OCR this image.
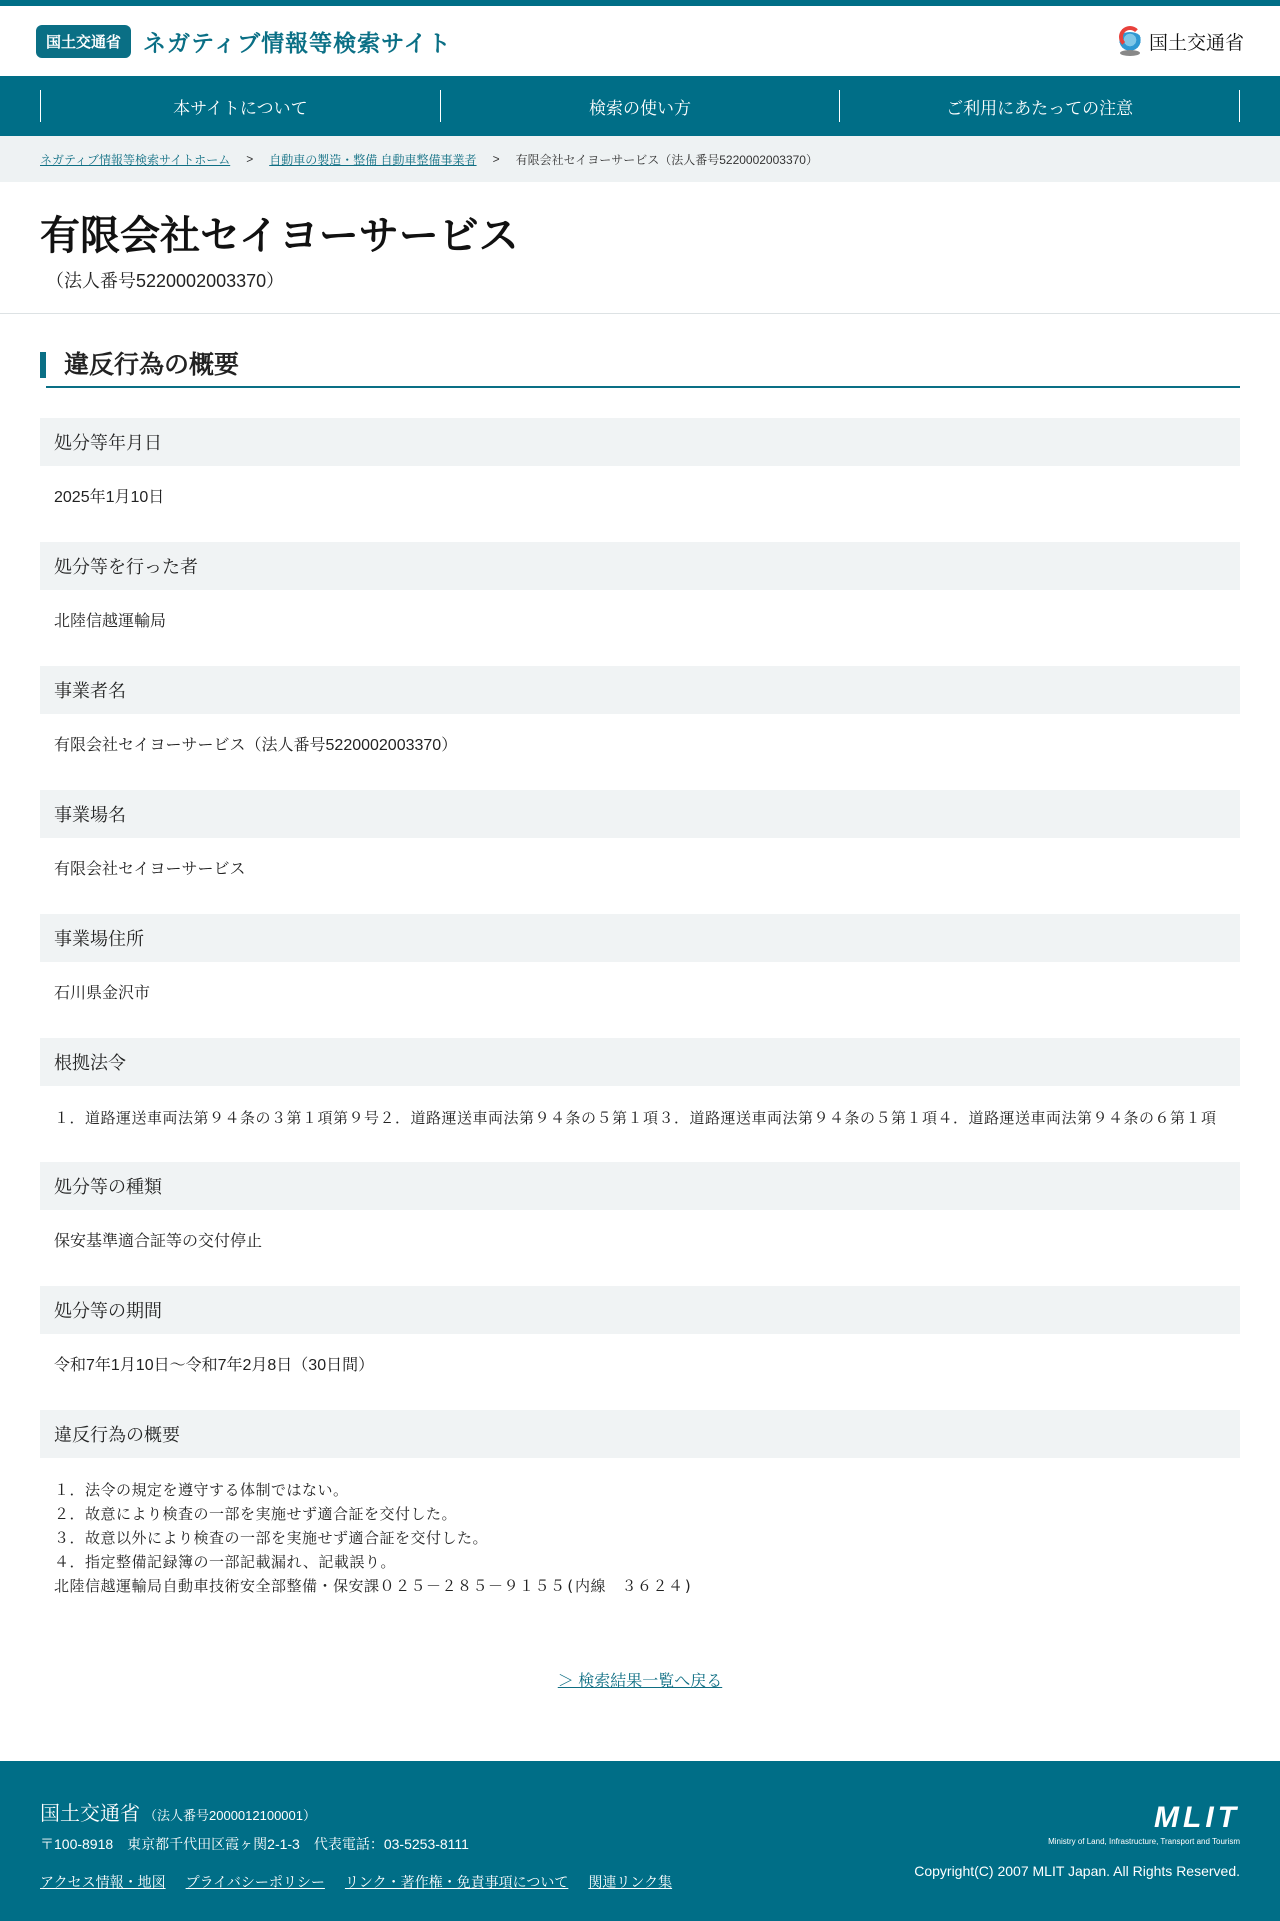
国土交通省 ネガティブ情報等検索サイト	国土交通省
本サイトについて	検索の使い方	ご利用にあたっての注意
ネガティブ情報等検索サイトホーム > 自動車の製造・整備 自動車整備事業者 > 有限会社セイヨーサービス（法人番号5220002003370）
有限会社セイヨーサービス
（法人番号5220002003370）
違反行為の概要
処分等年月日
2025年1月10日
処分等を行った者
北陸信越運輸局
事業者名
有限会社セイヨーサービス（法人番号5220002003370）
事業場名
有限会社セイヨーサービス
事業場住所
石川県金沢市
根拠法令
１．道路運送車両法第９４条の３第１項第９号２．道路運送車両法第９４条の５第１項３．道路運送車両法第９４条の５第１項４．道路運送車両法第９４条の６第１項
処分等の種類
保安基準適合証等の交付停止
処分等の期間
令和7年1月10日～令和7年2月8日（30日間）
違反行為の概要
１．法令の規定を遵守する体制ではない。
２．故意により検査の一部を実施せず適合証を交付した。
３．故意以外により検査の一部を実施せず適合証を交付した。
４．指定整備記録簿の一部記載漏れ、記載誤り。
北陸信越運輸局自動車技術安全部整備・保安課０２５－２８５－９１５５(内線　３６２４)
＞ 検索結果一覧へ戻る
国土交通省 （法人番号2000012100001）
〒100-8918　東京都千代田区霞ヶ関2-1-3　代表電話：03-5253-8111
アクセス情報・地図 プライバシーポリシー リンク・著作権・免責事項について 関連リンク集
MLIT
Ministry of Land, Infrastructure, Transport and Tourism
Copyright(C) 2007 MLIT Japan. All Rights Reserved.
